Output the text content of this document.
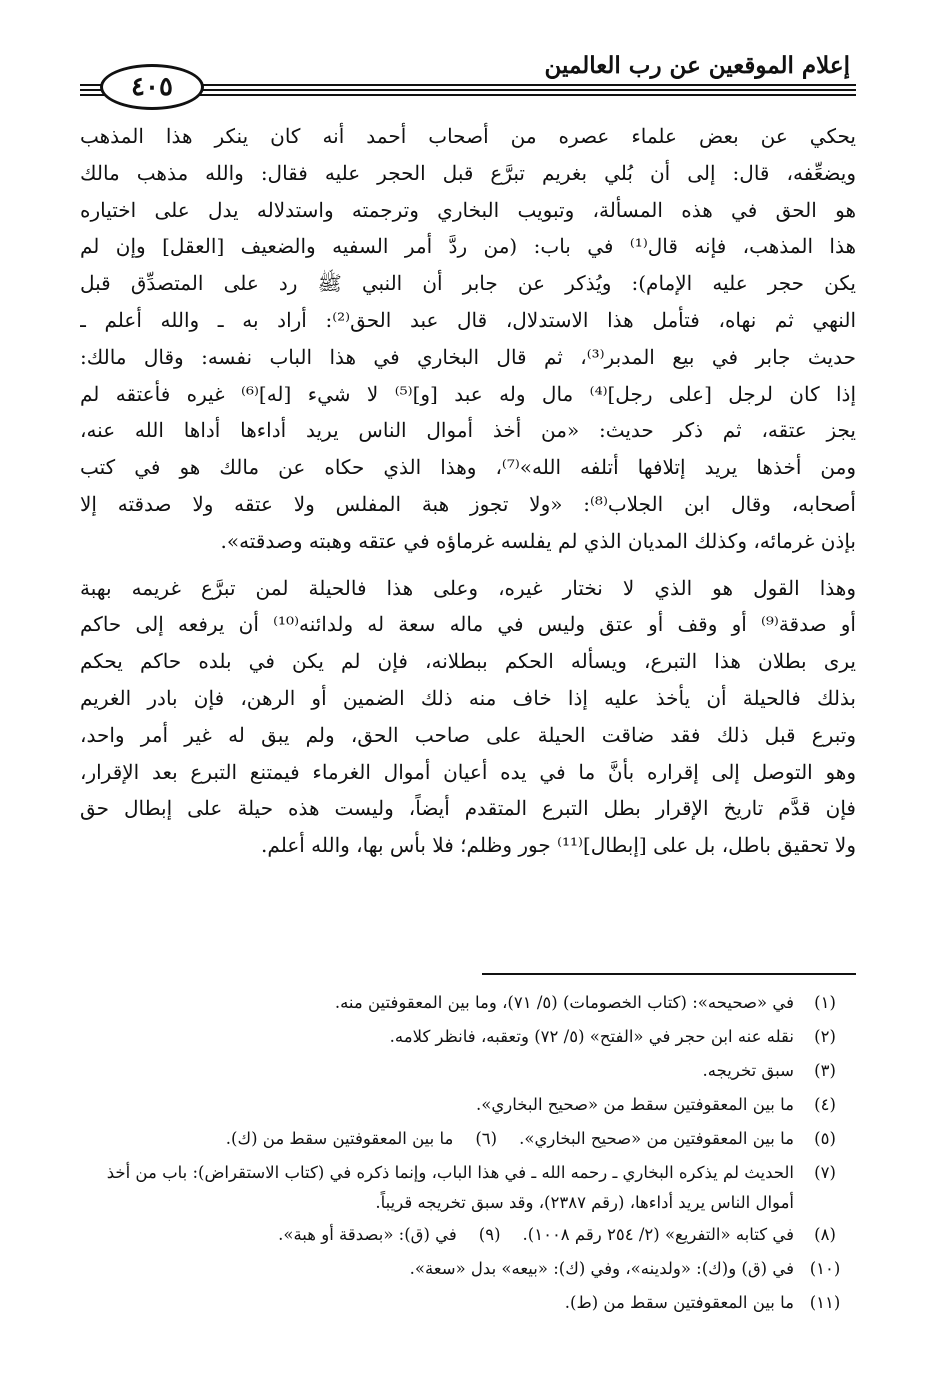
إعلام الموقعين عن رب العالمين
٤٠٥
يحكي عن بعض علماء عصره من أصحاب أحمد أنه كان ينكر هذا المذهب
ويضعِّفه، قال: إلى أن بُلي بغريم تبرَّع قبل الحجر عليه فقال: والله مذهب مالك
هو الحق في هذه المسألة، وتبويب البخاري وترجمته واستدلاله يدل على اختياره
هذا المذهب، فإنه قال⁽¹⁾ في باب: (من ردَّ أمر السفيه والضعيف [العقل] وإن لم
يكن حجر عليه الإمام): ويُذكر عن جابر أن النبي ﷺ رد على المتصدِّق قبل
النهي ثم نهاه، فتأمل هذا الاستدلال، قال عبد الحق⁽²⁾: أراد به ـ والله أعلم ـ
حديث جابر في بيع المدبر⁽³⁾، ثم قال البخاري في هذا الباب نفسه: وقال مالك:
إذا كان لرجل [على رجل]⁽⁴⁾ مال وله عبد [و]⁽⁵⁾ لا شيء [له]⁽⁶⁾ غيره فأعتقه لم
يجز عتقه، ثم ذكر حديث: «من أخذ أموال الناس يريد أداءها أداها الله عنه،
ومن أخذها يريد إتلافها أتلفه الله»⁽⁷⁾، وهذا الذي حكاه عن مالك هو في كتب
أصحابه، وقال ابن الجلاب⁽⁸⁾: «ولا تجوز هبة المفلس ولا عتقه ولا صدقته إلا
بإذن غرمائه، وكذلك المديان الذي لم يفلسه غرماؤه في عتقه وهبته وصدقته».
وهذا القول هو الذي لا نختار غيره، وعلى هذا فالحيلة لمن تبرَّع غريمه بهبة
أو صدقة⁽⁹⁾ أو وقف أو عتق وليس في ماله سعة له ولدائنه⁽¹⁰⁾ أن يرفعه إلى حاكم
يرى بطلان هذا التبرع، ويسأله الحكم ببطلانه، فإن لم يكن في بلده حاكم يحكم
بذلك فالحيلة أن يأخذ عليه إذا خاف منه ذلك الضمين أو الرهن، فإن بادر الغريم
وتبرع قبل ذلك فقد ضاقت الحيلة على صاحب الحق، ولم يبق له غير أمر واحد،
وهو التوصل إلى إقراره بأنَّ ما في يده أعيان أموال الغرماء فيمتنع التبرع بعد الإقرار،
فإن قدَّم تاريخ الإقرار بطل التبرع المتقدم أيضاً، وليست هذه حيلة على إبطال حق
ولا تحقيق باطل، بل على [إبطال]⁽¹¹⁾ جور وظلم؛ فلا بأس بها، والله أعلم.
(١)
في «صحيحه»: (كتاب الخصومات) (٥/ ٧١)، وما بين المعقوفتين منه.
(٢)
نقله عنه ابن حجر في «الفتح» (٥/ ٧٢) وتعقبه، فانظر كلامه.
(٣)
سبق تخريجه.
(٤)
ما بين المعقوفتين سقط من «صحيح البخاري».
(٥)
ما بين المعقوفتين من «صحيح البخاري».(٦)ما بين المعقوفتين سقط من (ك).
(٧)
الحديث لم يذكره البخاري ـ رحمه الله ـ في هذا الباب، وإنما ذكره في (كتاب الاستقراض): باب من أخذ أموال الناس يريد أداءها، (رقم ٢٣٨٧)، وقد سبق تخريجه قريباً.
(٨)
في كتابه «التفريع» (٢/ ٢٥٤ رقم ١٠٠٨).(٩)في (ق): «بصدقة أو هبة».
(١٠)
في (ق) و(ك): «ولدينه»، وفي (ك): «بيعه» بدل «سعة».
(١١)
ما بين المعقوفتين سقط من (ط).
